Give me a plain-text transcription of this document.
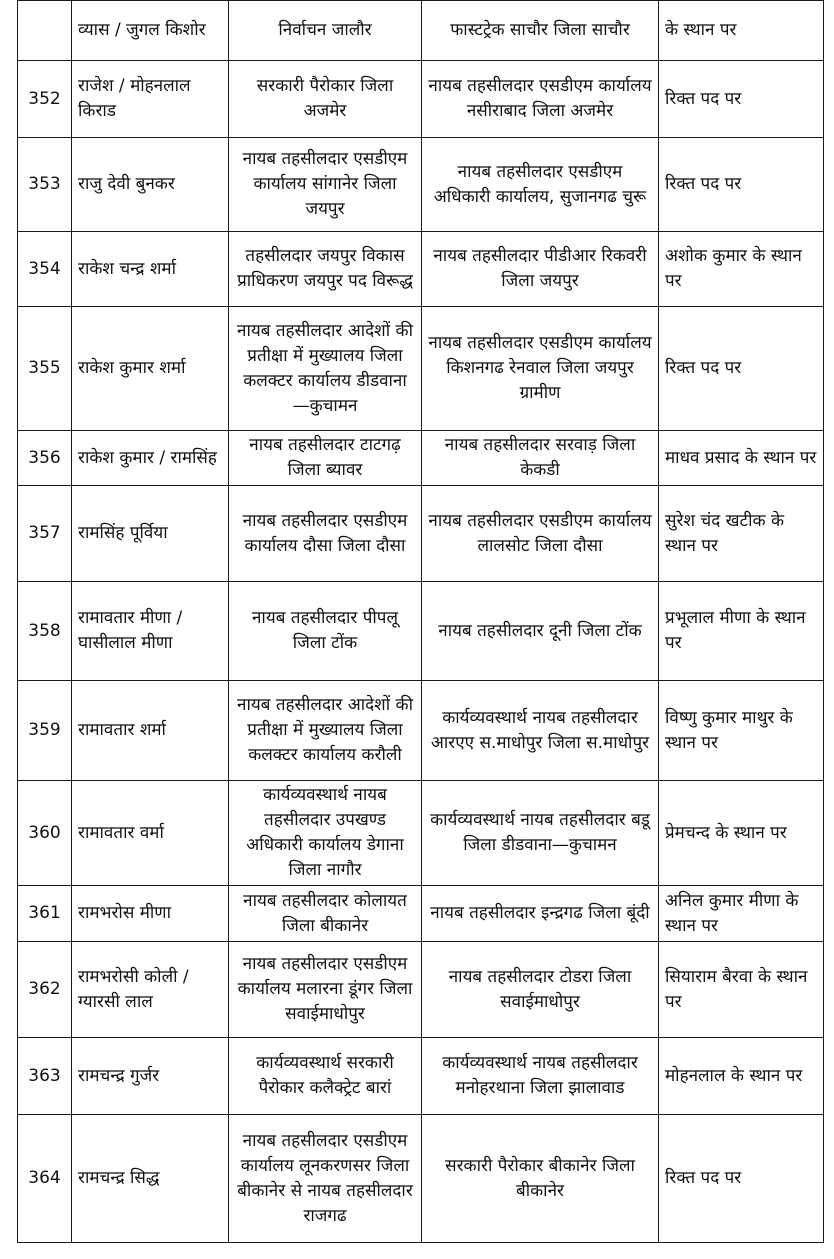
	व्यास / जुगल किशोर	निर्वाचन जालौर	फास्टट्रेक साचौर जिला साचौर	के स्थान पर
352	राजेश / मोहनलाल किराड	सरकारी पैरोकार जिला अजमेर	नायब तहसीलदार एसडीएम कार्यालय नसीराबाद जिला अजमेर	रिक्त पद पर
353	राजु देवी बुनकर	नायब तहसीलदार एसडीएम कार्यालय सांगानेर जिला जयपुर	नायब तहसीलदार एसडीएम अधिकारी कार्यालय, सुजानगढ चुरू	रिक्त पद पर
354	राकेश चन्द्र शर्मा	तहसीलदार जयपुर विकास प्राधिकरण जयपुर पद विरूद्ध	नायब तहसीलदार पीडीआर रिकवरी जिला जयपुर	अशोक कुमार के स्थान पर
355	राकेश कुमार शर्मा	नायब तहसीलदार आदेशों की प्रतीक्षा में मुख्यालय जिला कलक्टर कार्यालय डीडवाना—कुचामन	नायब तहसीलदार एसडीएम कार्यालय किशनगढ रेनवाल जिला जयपुर ग्रामीण	रिक्त पद पर
356	राकेश कुमार / रामसिंह	नायब तहसीलदार टाटगढ़ जिला ब्यावर	नायब तहसीलदार सरवाड़ जिला केकडी	माधव प्रसाद के स्थान पर
357	रामसिंह पूर्विया	नायब तहसीलदार एसडीएम कार्यालय दौसा जिला दौसा	नायब तहसीलदार एसडीएम कार्यालय लालसोट जिला दौसा	सुरेश चंद खटीक के स्थान पर
358	रामावतार मीणा / घासीलाल मीणा	नायब तहसीलदार पीपलू जिला टोंक	नायब तहसीलदार दूनी जिला टोंक	प्रभूलाल मीणा के स्थान पर
359	रामावतार शर्मा	नायब तहसीलदार आदेशों की प्रतीक्षा में मुख्यालय जिला कलक्टर कार्यालय करौली	कार्यव्यवस्थार्थ नायब तहसीलदार आरएए स.माधोपुर जिला स.माधोपुर	विष्णु कुमार माथुर के स्थान पर
360	रामावतार वर्मा	कार्यव्यवस्थार्थ नायब तहसीलदार उपखण्ड अधिकारी कार्यालय डेगाना जिला नागौर	कार्यव्यवस्थार्थ नायब तहसीलदार बडू जिला डीडवाना—कुचामन	प्रेमचन्द के स्थान पर
361	रामभरोस मीणा	नायब तहसीलदार कोलायत जिला बीकानेर	नायब तहसीलदार इन्द्रगढ जिला बूंदी	अनिल कुमार मीणा के स्थान पर
362	रामभरोसी कोली / ग्यारसी लाल	नायब तहसीलदार एसडीएम कार्यालय मलारना डूंगर जिला सवाईमाधोपुर	नायब तहसीलदार टोडरा जिला सवाईमाधोपुर	सियाराम बैरवा के स्थान पर
363	रामचन्द्र गुर्जर	कार्यव्यवस्थार्थ सरकारी पैरोकार कलैक्ट्रेट बारां	कार्यव्यवस्थार्थ नायब तहसीलदार मनोहरथाना जिला झालावाड	मोहनलाल के स्थान पर
364	रामचन्द्र सिद्ध	नायब तहसीलदार एसडीएम कार्यालय लूनकरणसर जिला बीकानेर से नायब तहसीलदार राजगढ	सरकारी पैरोकार बीकानेर जिला बीकानेर	रिक्त पद पर
